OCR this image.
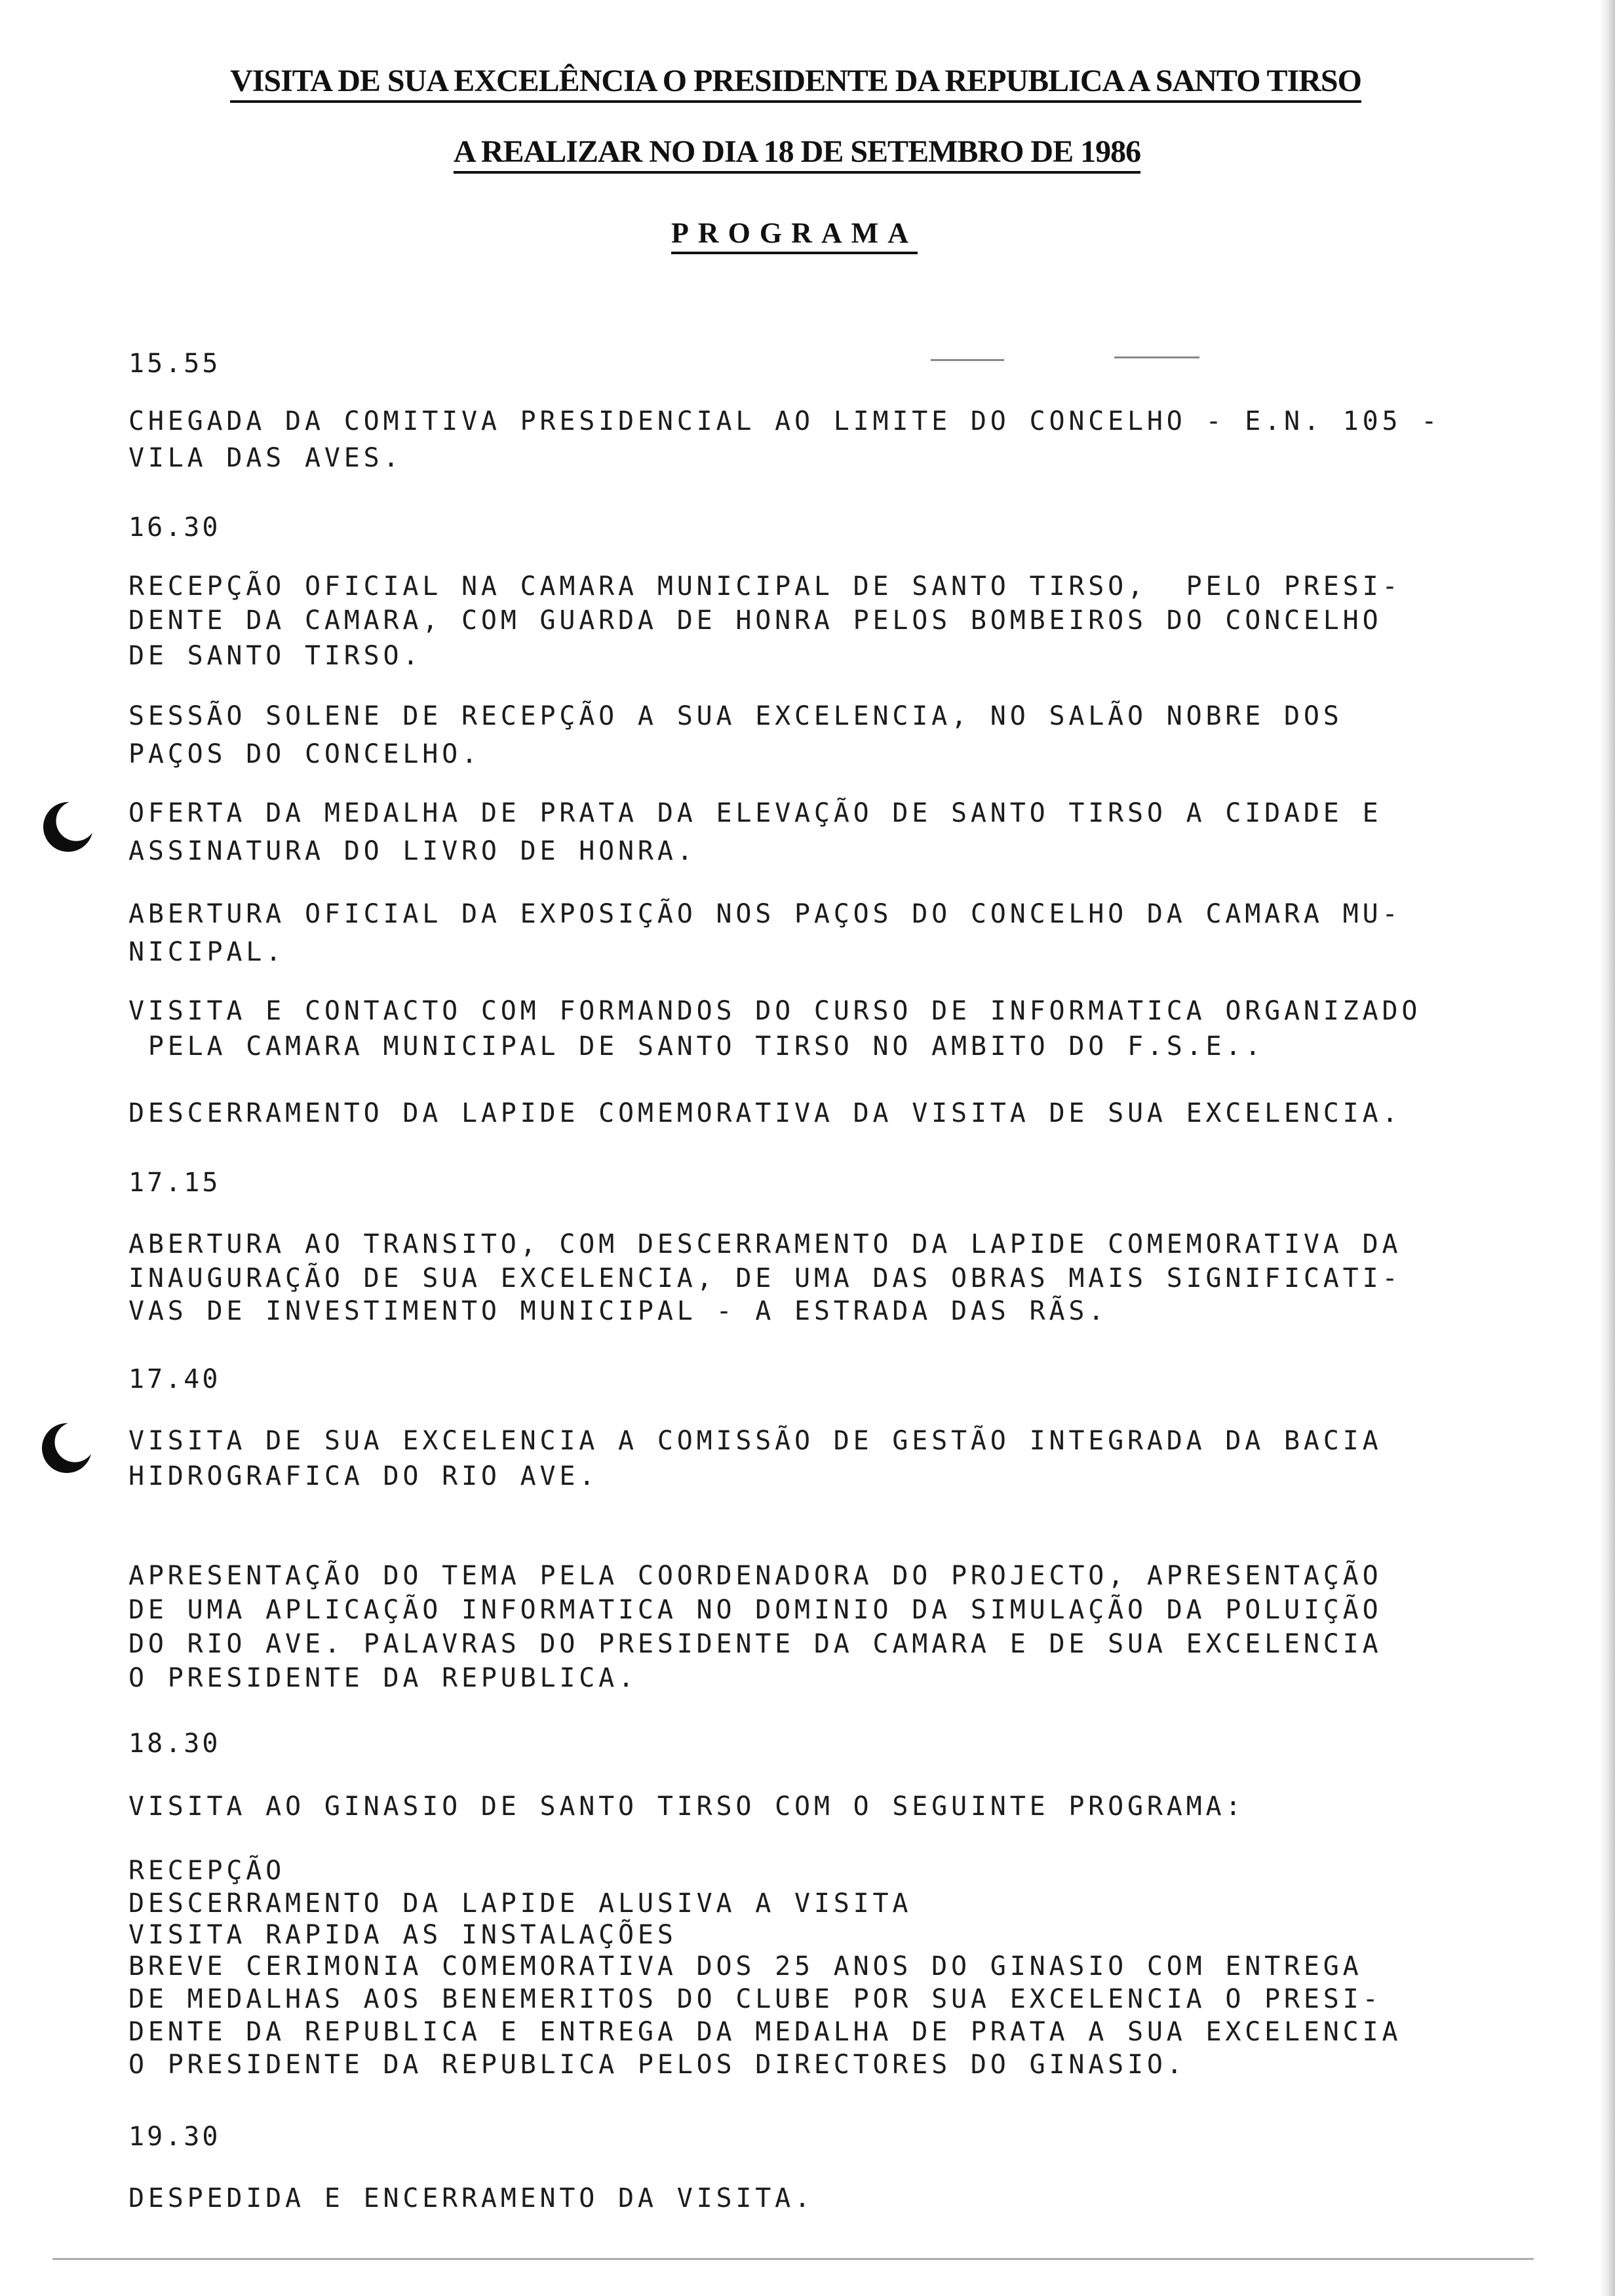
VISITA DE SUA EXCELÊNCIA O PRESIDENTE DA REPUBLICA A SANTO TIRSO
A REALIZAR NO DIA 18 DE SETEMBRO DE 1986
PROGRAMA
15.55
CHEGADA DA COMITIVA PRESIDENCIAL AO LIMITE DO CONCELHO - E.N. 105 -
VILA DAS AVES.
16.30
RECEPÇÃO OFICIAL NA CAMARA MUNICIPAL DE SANTO TIRSO,  PELO PRESI-
DENTE DA CAMARA, COM GUARDA DE HONRA PELOS BOMBEIROS DO CONCELHO
DE SANTO TIRSO.
SESSÃO SOLENE DE RECEPÇÃO A SUA EXCELENCIA, NO SALÃO NOBRE DOS
PAÇOS DO CONCELHO.
OFERTA DA MEDALHA DE PRATA DA ELEVAÇÃO DE SANTO TIRSO A CIDADE E
ASSINATURA DO LIVRO DE HONRA.
ABERTURA OFICIAL DA EXPOSIÇÃO NOS PAÇOS DO CONCELHO DA CAMARA MU-
NICIPAL.
VISITA E CONTACTO COM FORMANDOS DO CURSO DE INFORMATICA ORGANIZADO
PELA CAMARA MUNICIPAL DE SANTO TIRSO NO AMBITO DO F.S.E..
DESCERRAMENTO DA LAPIDE COMEMORATIVA DA VISITA DE SUA EXCELENCIA.
17.15
ABERTURA AO TRANSITO, COM DESCERRAMENTO DA LAPIDE COMEMORATIVA DA
INAUGURAÇÃO DE SUA EXCELENCIA, DE UMA DAS OBRAS MAIS SIGNIFICATI-
VAS DE INVESTIMENTO MUNICIPAL - A ESTRADA DAS RÃS.
17.40
VISITA DE SUA EXCELENCIA A COMISSÃO DE GESTÃO INTEGRADA DA BACIA
HIDROGRAFICA DO RIO AVE.
APRESENTAÇÃO DO TEMA PELA COORDENADORA DO PROJECTO, APRESENTAÇÃO
DE UMA APLICAÇÃO INFORMATICA NO DOMINIO DA SIMULAÇÃO DA POLUIÇÃO
DO RIO AVE. PALAVRAS DO PRESIDENTE DA CAMARA E DE SUA EXCELENCIA
O PRESIDENTE DA REPUBLICA.
18.30
VISITA AO GINASIO DE SANTO TIRSO COM O SEGUINTE PROGRAMA:
RECEPÇÃO
DESCERRAMENTO DA LAPIDE ALUSIVA A VISITA
VISITA RAPIDA AS INSTALAÇÕES
BREVE CERIMONIA COMEMORATIVA DOS 25 ANOS DO GINASIO COM ENTREGA
DE MEDALHAS AOS BENEMERITOS DO CLUBE POR SUA EXCELENCIA O PRESI-
DENTE DA REPUBLICA E ENTREGA DA MEDALHA DE PRATA A SUA EXCELENCIA
O PRESIDENTE DA REPUBLICA PELOS DIRECTORES DO GINASIO.
19.30
DESPEDIDA E ENCERRAMENTO DA VISITA.
